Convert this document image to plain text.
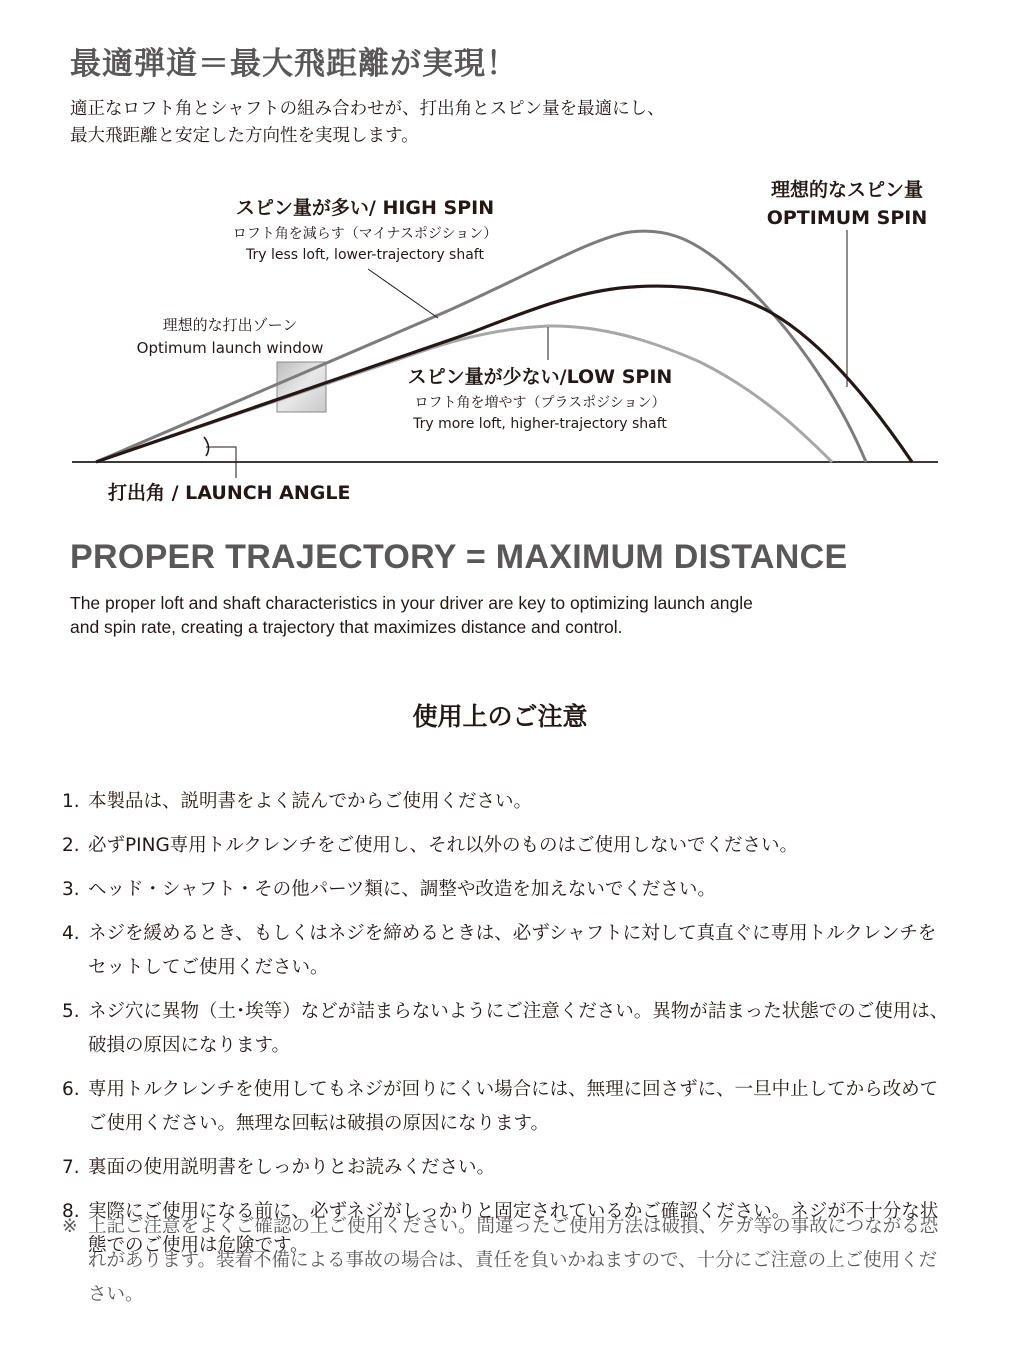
最適弾道＝最大飛距離が実現！
適正なロフト角とシャフトの組み合わせが、打出角とスピン量を最適にし、
最大飛距離と安定した方向性を実現します。
スピン量が多い/ HIGH SPIN
ロフト角を減らす（マイナスポジション）
Try less loft, lower-trajectory shaft
理想的なスピン量
OPTIMUM SPIN
理想的な打出ゾーン
Optimum launch window
スピン量が少ない/LOW SPIN
ロフト角を増やす（プラスポジション）
Try more loft, higher-trajectory shaft
打出角 / LAUNCH ANGLE
PROPER TRAJECTORY = MAXIMUM DISTANCE
The proper loft and shaft characteristics in your driver are key to optimizing launch angle
and spin rate, creating a trajectory that maximizes distance and control.
使用上のご注意
1. 本製品は、説明書をよく読んでからご使用ください。
2. 必ずPING専用トルクレンチをご使用し、それ以外のものはご使用しないでください。
3. ヘッド・シャフト・その他パーツ類に、調整や改造を加えないでください。
4. ネジを緩めるとき、もしくはネジを締めるときは、必ずシャフトに対して真直ぐに専用トルクレンチをセットしてご使用ください。
5. ネジ穴に異物（土･埃等）などが詰まらないようにご注意ください。異物が詰まった状態でのご使用は、破損の原因になります。
6. 専用トルクレンチを使用してもネジが回りにくい場合には、無理に回さずに、一旦中止してから改めてご使用ください。無理な回転は破損の原因になります。
7. 裏面の使用説明書をしっかりとお読みください。
8. 実際にご使用になる前に、必ずネジがしっかりと固定されているかご確認ください。ネジが不十分な状態でのご使用は危険です。
※ 上記ご注意をよくご確認の上ご使用ください。間違ったご使用方法は破損、ケガ等の事故につながる恐れがあります。装着不備による事故の場合は、責任を負いかねますので、十分にご注意の上ご使用ください。
